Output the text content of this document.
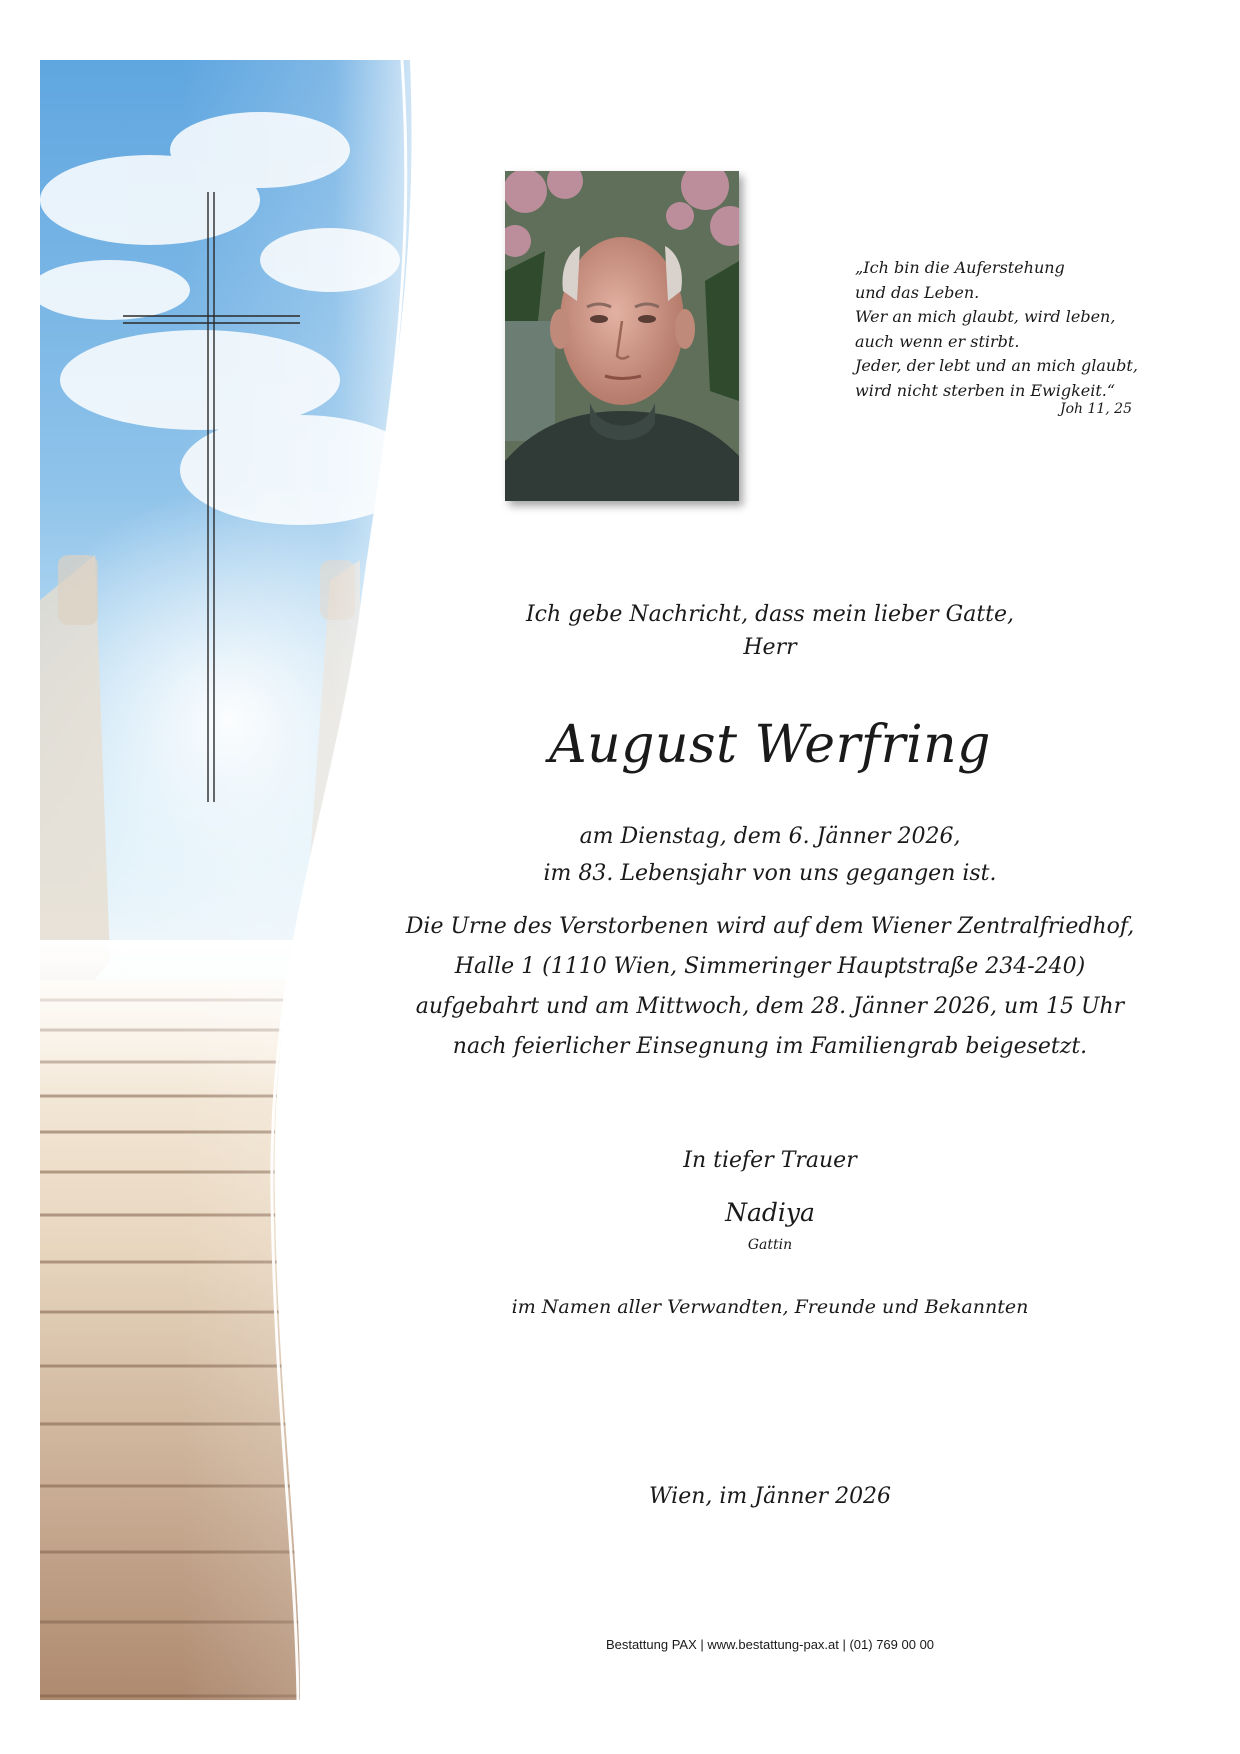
„Ich bin die Auferstehung
und das Leben.
Wer an mich glaubt, wird leben,
auch wenn er stirbt.
Jeder, der lebt und an mich glaubt,
wird nicht sterben in Ewigkeit.“
Joh 11, 25
Ich gebe Nachricht, dass mein lieber Gatte,
Herr
August Werfring
am Dienstag, dem 6. Jänner 2026,
im 83. Lebensjahr von uns gegangen ist.
Die Urne des Verstorbenen wird auf dem Wiener Zentralfriedhof,
Halle 1 (1110 Wien, Simmeringer Hauptstraße 234-240)
aufgebahrt und am Mittwoch, dem 28. Jänner 2026, um 15 Uhr
nach feierlicher Einsegnung im Familiengrab beigesetzt.
In tiefer Trauer
Nadiya
Gattin
im Namen aller Verwandten, Freunde und Bekannten
Wien, im Jänner 2026
Bestattung PAX | www.bestattung-pax.at | (01) 769 00 00
